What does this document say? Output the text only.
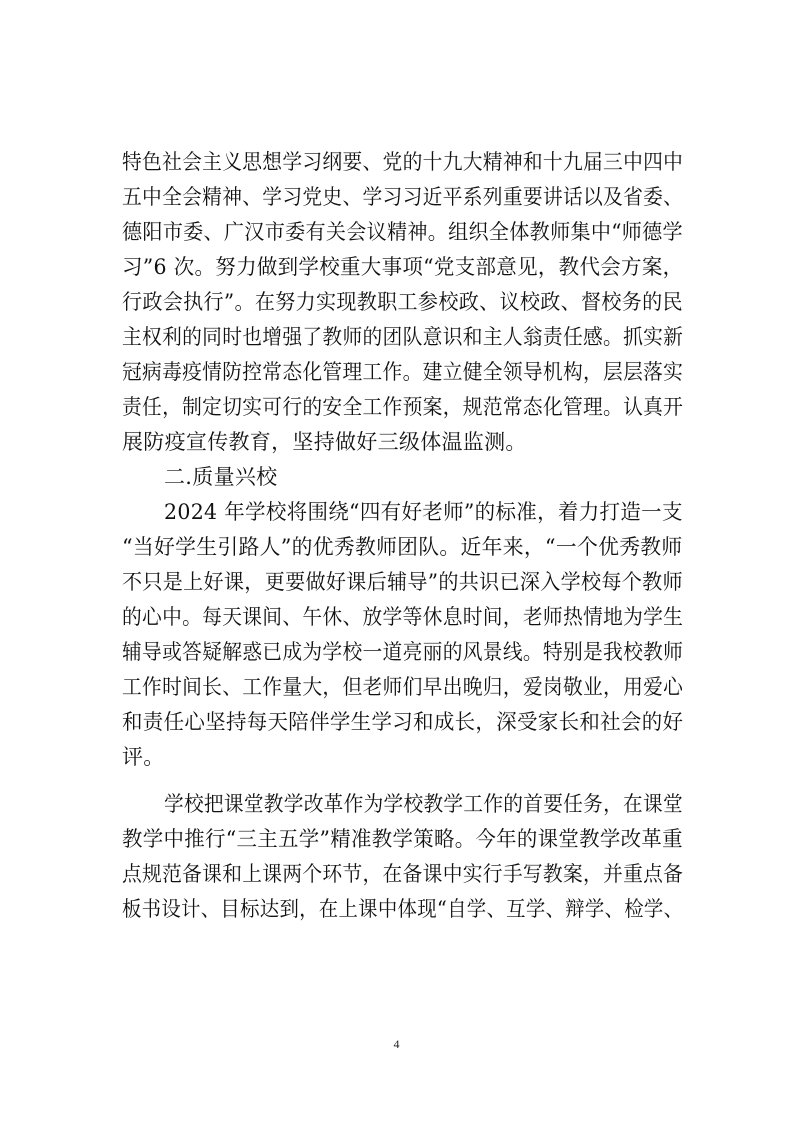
特色社会主义思想学习纲要、党的十九大精神和十九届三中四中
五中全会精神、学习党史、学习习近平系列重要讲话以及省委、
德阳市委、广汉市委有关会议精神。组织全体教师集中“师德学
习”6 次。努力做到学校重大事项“党支部意见，教代会方案，
行政会执行”。在努力实现教职工参校政、议校政、督校务的民
主权利的同时也增强了教师的团队意识和主人翁责任感。抓实新
冠病毒疫情防控常态化管理工作。建立健全领导机构，层层落实
责任，制定切实可行的安全工作预案，规范常态化管理。认真开
展防疫宣传教育，坚持做好三级体温监测。
二.质量兴校
2024 年学校将围绕“四有好老师”的标准，着力打造一支
“当好学生引路人”的优秀教师团队。近年来，“一个优秀教师
不只是上好课，更要做好课后辅导”的共识已深入学校每个教师
的心中。每天课间、午休、放学等休息时间，老师热情地为学生
辅导或答疑解惑已成为学校一道亮丽的风景线。特别是我校教师
工作时间长、工作量大，但老师们早出晚归，爱岗敬业，用爱心
和责任心坚持每天陪伴学生学习和成长，深受家长和社会的好
评。
学校把课堂教学改革作为学校教学工作的首要任务，在课堂
教学中推行“三主五学”精准教学策略。今年的课堂教学改革重
点规范备课和上课两个环节，在备课中实行手写教案，并重点备
板书设计、目标达到，在上课中体现“自学、互学、辩学、检学、
4
